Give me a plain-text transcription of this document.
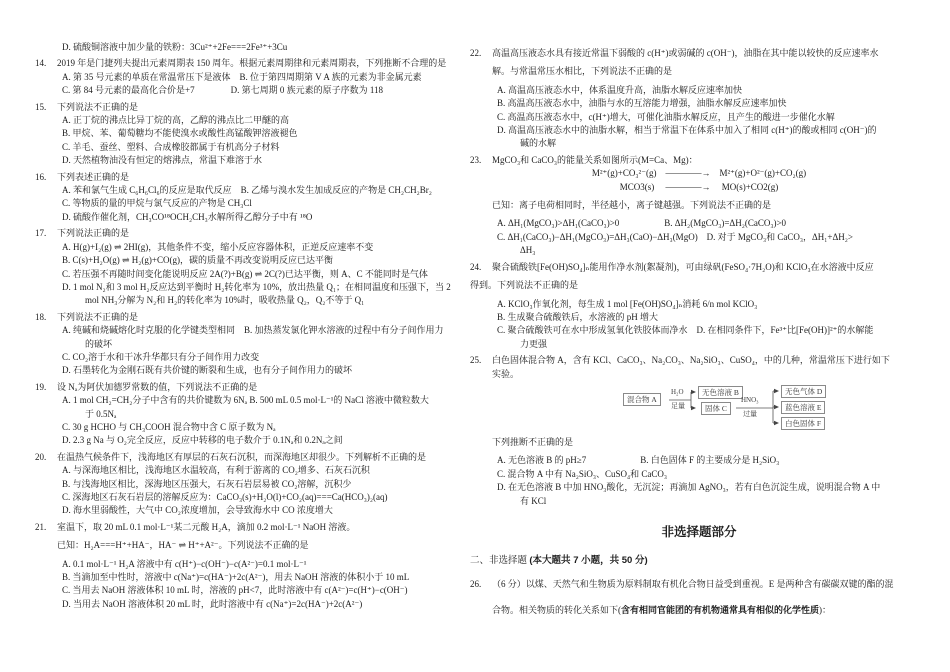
D. 硫酸铜溶液中加少量的铁粉：3Cu²⁺+2Fe===2Fe³⁺+3Cu
14. 2019 年是门捷列夫提出元素周期表 150 周年。根据元素周期律和元素周期表，下列推断不合理的是
A. 第 35 号元素的单质在常温常压下是液体　B. 位于第四周期第 V A 族的元素为非金属元素
C. 第 84 号元素的最高化合价是+7　　　　D. 第七周期 0 族元素的原子序数为 118
15. 下列说法不正确的是
A. 正丁烷的沸点比异丁烷的高，乙醇的沸点比二甲醚的高
B. 甲烷、苯、葡萄糖均不能使溴水或酸性高锰酸钾溶液褪色
C. 羊毛、蚕丝、塑料、合成橡胶都属于有机高分子材料
D. 天然植物油没有恒定的熔沸点，常温下难溶于水
16. 下列表述正确的是
A. 苯和氯气生成 C₆H₆Cl₆的反应是取代反应　B. 乙烯与溴水发生加成反应的产物是 CH₂CH₂Br₂
C. 等物质的量的甲烷与氯气反应的产物是 CH₃Cl
D. 硫酸作催化剂，CH₃CO¹⁸OCH₂CH₃水解所得乙醇分子中有 ¹⁸O
17. 下列说法正确的是
A. H(g)+I₂(g) ⇌ 2HI(g)，其他条件不变，缩小反应容器体积，正逆反应速率不变
B. C(s)+H₂O(g) ⇌ H₂(g)+CO(g)，碳的质量不再改变说明反应已达平衡
C. 若压强不再随时间变化能说明反应 2A(?)+B(g) ⇌ 2C(?)已达平衡，则 A、C 不能同时是气体
D. 1 mol N₂和 3 mol H₂反应达到平衡时 H₂转化率为 10%，放出热量 Q₁；在相同温度和压强下，当 2
mol NH₃分解为 N₂和 H₂的转化率为 10%时，吸收热量 Q₂，Q₂不等于 Q₁
18. 下列说法不正确的是
A. 纯碱和烧碱熔化时克服的化学键类型相同　B. 加热蒸发氯化钾水溶液的过程中有分子间作用力
的破坏
C. CO₂溶于水和干冰升华都只有分子间作用力改变
D. 石墨转化为金刚石既有共价键的断裂和生成，也有分子间作用力的破坏
19. 设 Nₐ为阿伏加德罗常数的值，下列说法不正确的是
A. 1 mol CH₂=CH₂分子中含有的共价键数为 6Nₐ B. 500 mL 0.5 mol·L⁻¹的 NaCl 溶液中微粒数大
于 0.5Nₐ
C. 30 g HCHO 与 CH₃COOH 混合物中含 C 原子数为 Nₐ
D. 2.3 g Na 与 O₂完全反应，反应中转移的电子数介于 0.1Nₐ和 0.2Nₐ之间
20. 在温热气候条件下，浅海地区有厚层的石灰石沉积，而深海地区却很少。下列解析不正确的是
A. 与深海地区相比，浅海地区水温较高，有利于游离的 CO₂增多、石灰石沉积
B. 与浅海地区相比，深海地区压强大，石灰石岩层易被 CO₂溶解，沉积少
C. 深海地区石灰石岩层的溶解反应为：CaCO₃(s)+H₂O(l)+CO₂(aq)===Ca(HCO₃)₂(aq)
D. 海水里弱酸性，大气中 CO₂浓度增加，会导致海水中 CO 浓度增大
21. 室温下，取 20 mL 0.1 mol·L⁻¹某二元酸 H₂A，滴加 0.2 mol·L⁻¹ NaOH 溶液。
已知：H₂A===H⁺+HA⁻，HA⁻ ⇌ H⁺+A²⁻。下列说法不正确的是
A. 0.1 mol·L⁻¹ H₂A 溶液中有 c(H⁺)−c(OH⁻)−c(A²⁻)=0.1 mol·L⁻¹
B. 当滴加至中性时，溶液中 c(Na⁺)=c(HA⁻)+2c(A²⁻)，用去 NaOH 溶液的体积小于 10 mL
C. 当用去 NaOH 溶液体积 10 mL 时，溶液的 pH<7，此时溶液中有 c(A²⁻)=c(H⁺)−c(OH⁻)
D. 当用去 NaOH 溶液体积 20 mL 时，此时溶液中有 c(Na⁺)=2c(HA⁻)+2c(A²⁻)
22. 高温高压液态水具有接近常温下弱酸的 c(H⁺)或弱碱的 c(OH⁻)，油脂在其中能以较快的反应速率水
解。与常温常压水相比，下列说法不正确的是
A. 高温高压液态水中，体系温度升高，油脂水解反应速率加快
B. 高温高压液态水中，油脂与水的互溶能力增强，油脂水解反应速率加快
C. 高温高压液态水中，c(H⁺)增大，可催化油脂水解反应，且产生的酸进一步催化水解
D. 高温高压液态水中的油脂水解，相当于常温下在体系中加入了相同 c(H⁺)的酸或相同 c(OH⁻)的
碱的水解
23. MgCO₃和 CaCO₃的能量关系如图所示(M=Ca、Mg)：
M²⁺(g)+CO₃²⁻(g)　————→　M²⁺(g)+O²⁻(g)+CO₂(g)
MCO3(s)　 ————→ 　MO(s)+CO2(g)
已知：离子电荷相同时，半径越小，离子键越强。下列说法不正确的是
A. ΔH₁(MgCO₃)>ΔH₁(CaCO₃)>0　　　　　B. ΔH₂(MgCO₃)=ΔH₂(CaCO₃)>0
C. ΔH₁(CaCO₃)−ΔH₁(MgCO₃)=ΔH₃(CaO)−ΔH₃(MgO)　D. 对于 MgCO₃和 CaCO₃，ΔH₁+ΔH₂>
ΔH₃
24. 聚合硫酸铁[Fe(OH)SO₄]ₙ能用作净水剂(絮凝剂)，可由绿矾(FeSO₄·7H₂O)和 KClO₃在水溶液中反应
得到。下列说法不正确的是
A. KClO₃作氧化剂，每生成 1 mol [Fe(OH)SO₄]ₙ消耗 6/n mol KClO₃
B. 生成聚合硫酸铁后，水溶液的 pH 增大
C. 聚合硫酸铁可在水中形成氢氧化铁胶体而净水　D. 在相同条件下，Fe³⁺比[Fe(OH)]²⁺的水解能
力更强
25. 白色固体混合物 A，含有 KCl、CaCO₃、Na₂CO₃、Na₂SiO₃、CuSO₄，中的几种，常温常压下进行如下
实验。
混合物 A
无色溶液 B
固体 C
无色气体 D
蓝色溶液 E
白色固体 F
H₂O
足量
HNO₃
过量
下列推断不正确的是
A. 无色溶液 B 的 pH≥7　　　　　　B. 白色固体 F 的主要成分是 H₂SiO₃
C. 混合物 A 中有 Na₂SiO₃、CuSO₄和 CaCO₃
D. 在无色溶液 B 中加 HNO₃酸化，无沉淀；再滴加 AgNO₃，若有白色沉淀生成，说明混合物 A 中
有 KCl
非选择题部分
二、非选择题 (本大题共 7 小题，共 50 分)
26. （6 分）以煤、天然气和生物质为原料制取有机化合物日益受到重视。E 是两种含有碳碳双键的酯的混
合物。相关物质的转化关系如下(含有相同官能团的有机物通常具有相似的化学性质)：
